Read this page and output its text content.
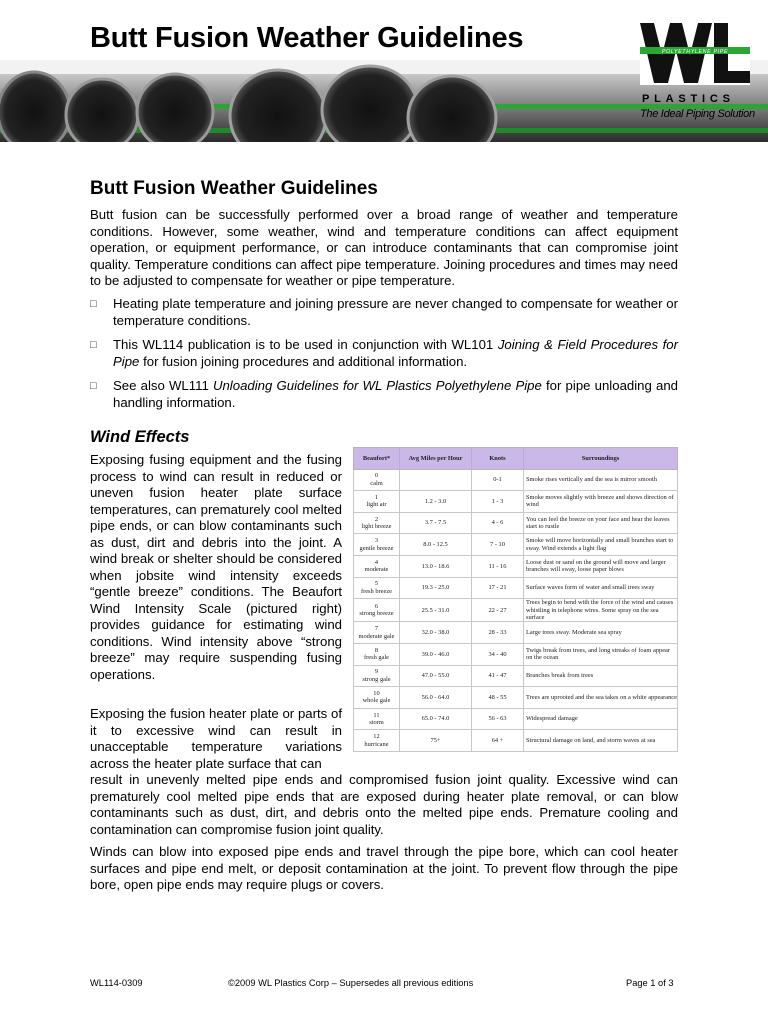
Butt Fusion Weather Guidelines	POLYETHYLENE PIPE
PLASTICS
The Ideal Piping Solution
Butt Fusion Weather Guidelines

Butt fusion can be successfully performed over a broad range of weather and temperature conditions. However, some weather, wind and temperature conditions can affect equipment operation, or equipment performance, or can introduce contaminants that can compromise joint quality. Temperature conditions can affect pipe temperature. Joining procedures and times may need to be adjusted to compensate for weather or pipe temperature.

□ Heating plate temperature and joining pressure are never changed to compensate for weather or temperature conditions.
□ This WL114 publication is to be used in conjunction with WL101 Joining & Field Procedures for Pipe for fusion joining procedures and additional information.
□ See also WL111 Unloading Guidelines for WL Plastics Polyethylene Pipe for pipe unloading and handling information.
Wind Effects

Exposing fusing equipment and the fusing process to wind can result in reduced or uneven fusion heater plate surface temperatures, can prematurely cool melted pipe ends, or can blow contaminants such as dust, dirt and debris into the joint. A wind break or shelter should be considered when jobsite wind intensity exceeds “gentle breeze” conditions. The Beaufort Wind Intensity Scale (pictured right) provides guidance for estimating wind conditions. Wind intensity above “strong breeze” may require suspending fusing operations.

Exposing the fusion heater plate or parts of it to excessive wind can result in unacceptable temperature variations across the heater plate surface that can

result in unevenly melted pipe ends and compromised fusion joint quality. Excessive wind can prematurely cool melted pipe ends that are exposed during heater plate removal, or can blow contaminants such as dust, dirt, and debris onto the melted pipe ends. Premature cooling and contamination can compromise fusion joint quality.

Winds can blow into exposed pipe ends and travel through the pipe bore, which can cool heater surfaces and pipe end melt, or deposit contamination at the joint. To prevent flow through the pipe bore, open pipe ends may require plugs or covers.

Beaufort*	Avg Miles per Hour	Knots	Surroundings

0
calm		0-1	Smoke rises vertically and the sea is mirror smooth

1
light air	1.2 - 3.0	1 - 3	Smoke moves slightly with breeze and shows direction of wind

2
light breeze	3.7 - 7.5	4 - 6	You can feel the breeze on your face and hear the leaves start to rustle

3
gentle breeze	8.0 - 12.5	7 - 10	Smoke will move horizontally and small branches start to sway. Wind extends a light flag

4
moderate	13.0 - 18.6	11 - 16	Loose dust or sand on the ground will move and larger branches will sway, loose paper blows

5
fresh breeze	19.3 - 25.0	17 - 21	Surface waves form of water and small trees sway

6
strong breeze	25.5 - 31.0	22 - 27	Trees begin to bend with the force of the wind and causes whistling in telephone wires. Some spray on the sea surface

7
moderate gale	32.0 - 38.0	28 - 33	Large trees sway. Moderate sea spray

8
fresh gale	39.0 - 46.0	34 - 40	Twigs break from trees, and long streaks of foam appear on the ocean

9
strong gale	47.0 - 55.0	41 - 47	Branches break from trees

10
whole gale	56.0 - 64.0	48 - 55	Trees are uprooted and the sea takes on a white appearance

11
storm	65.0 - 74.0	56 - 63	Widespread damage

12
hurricane	75+	64 +	Structural damage on land, and storm waves at sea
WL114-0309	©2009 WL Plastics Corp – Supersedes all previous editions	Page 1 of 3
